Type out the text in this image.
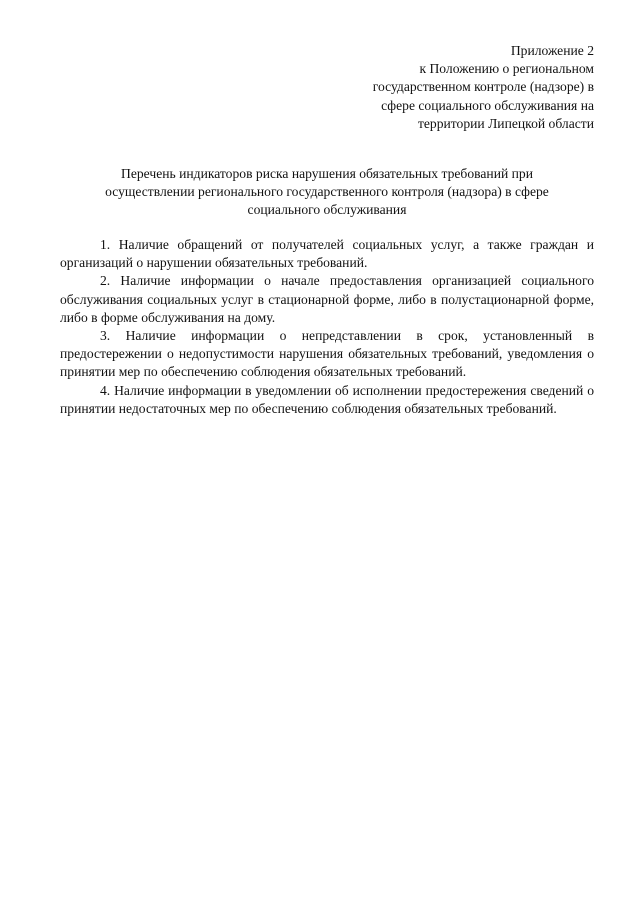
Приложение 2
к Положению о региональном
государственном контроле (надзоре) в
сфере социального обслуживания на
территории Липецкой области
Перечень индикаторов риска нарушения обязательных требований при
осуществлении регионального государственного контроля (надзора) в сфере
социального обслуживания

1. Наличие обращений от получателей социальных услуг, а также граждан и организаций о нарушении обязательных требований.

2. Наличие информации о начале предоставления организацией социального обслуживания социальных услуг в стационарной форме, либо в полустационарной форме, либо в форме обслуживания на дому.

3. Наличие информации о непредставлении в срок, установленный в предостережении о недопустимости нарушения обязательных требований, уведомления о принятии мер по обеспечению соблюдения обязательных требований.

4. Наличие информации в уведомлении об исполнении предостережения сведений о принятии недостаточных мер по обеспечению соблюдения обязательных требований.
